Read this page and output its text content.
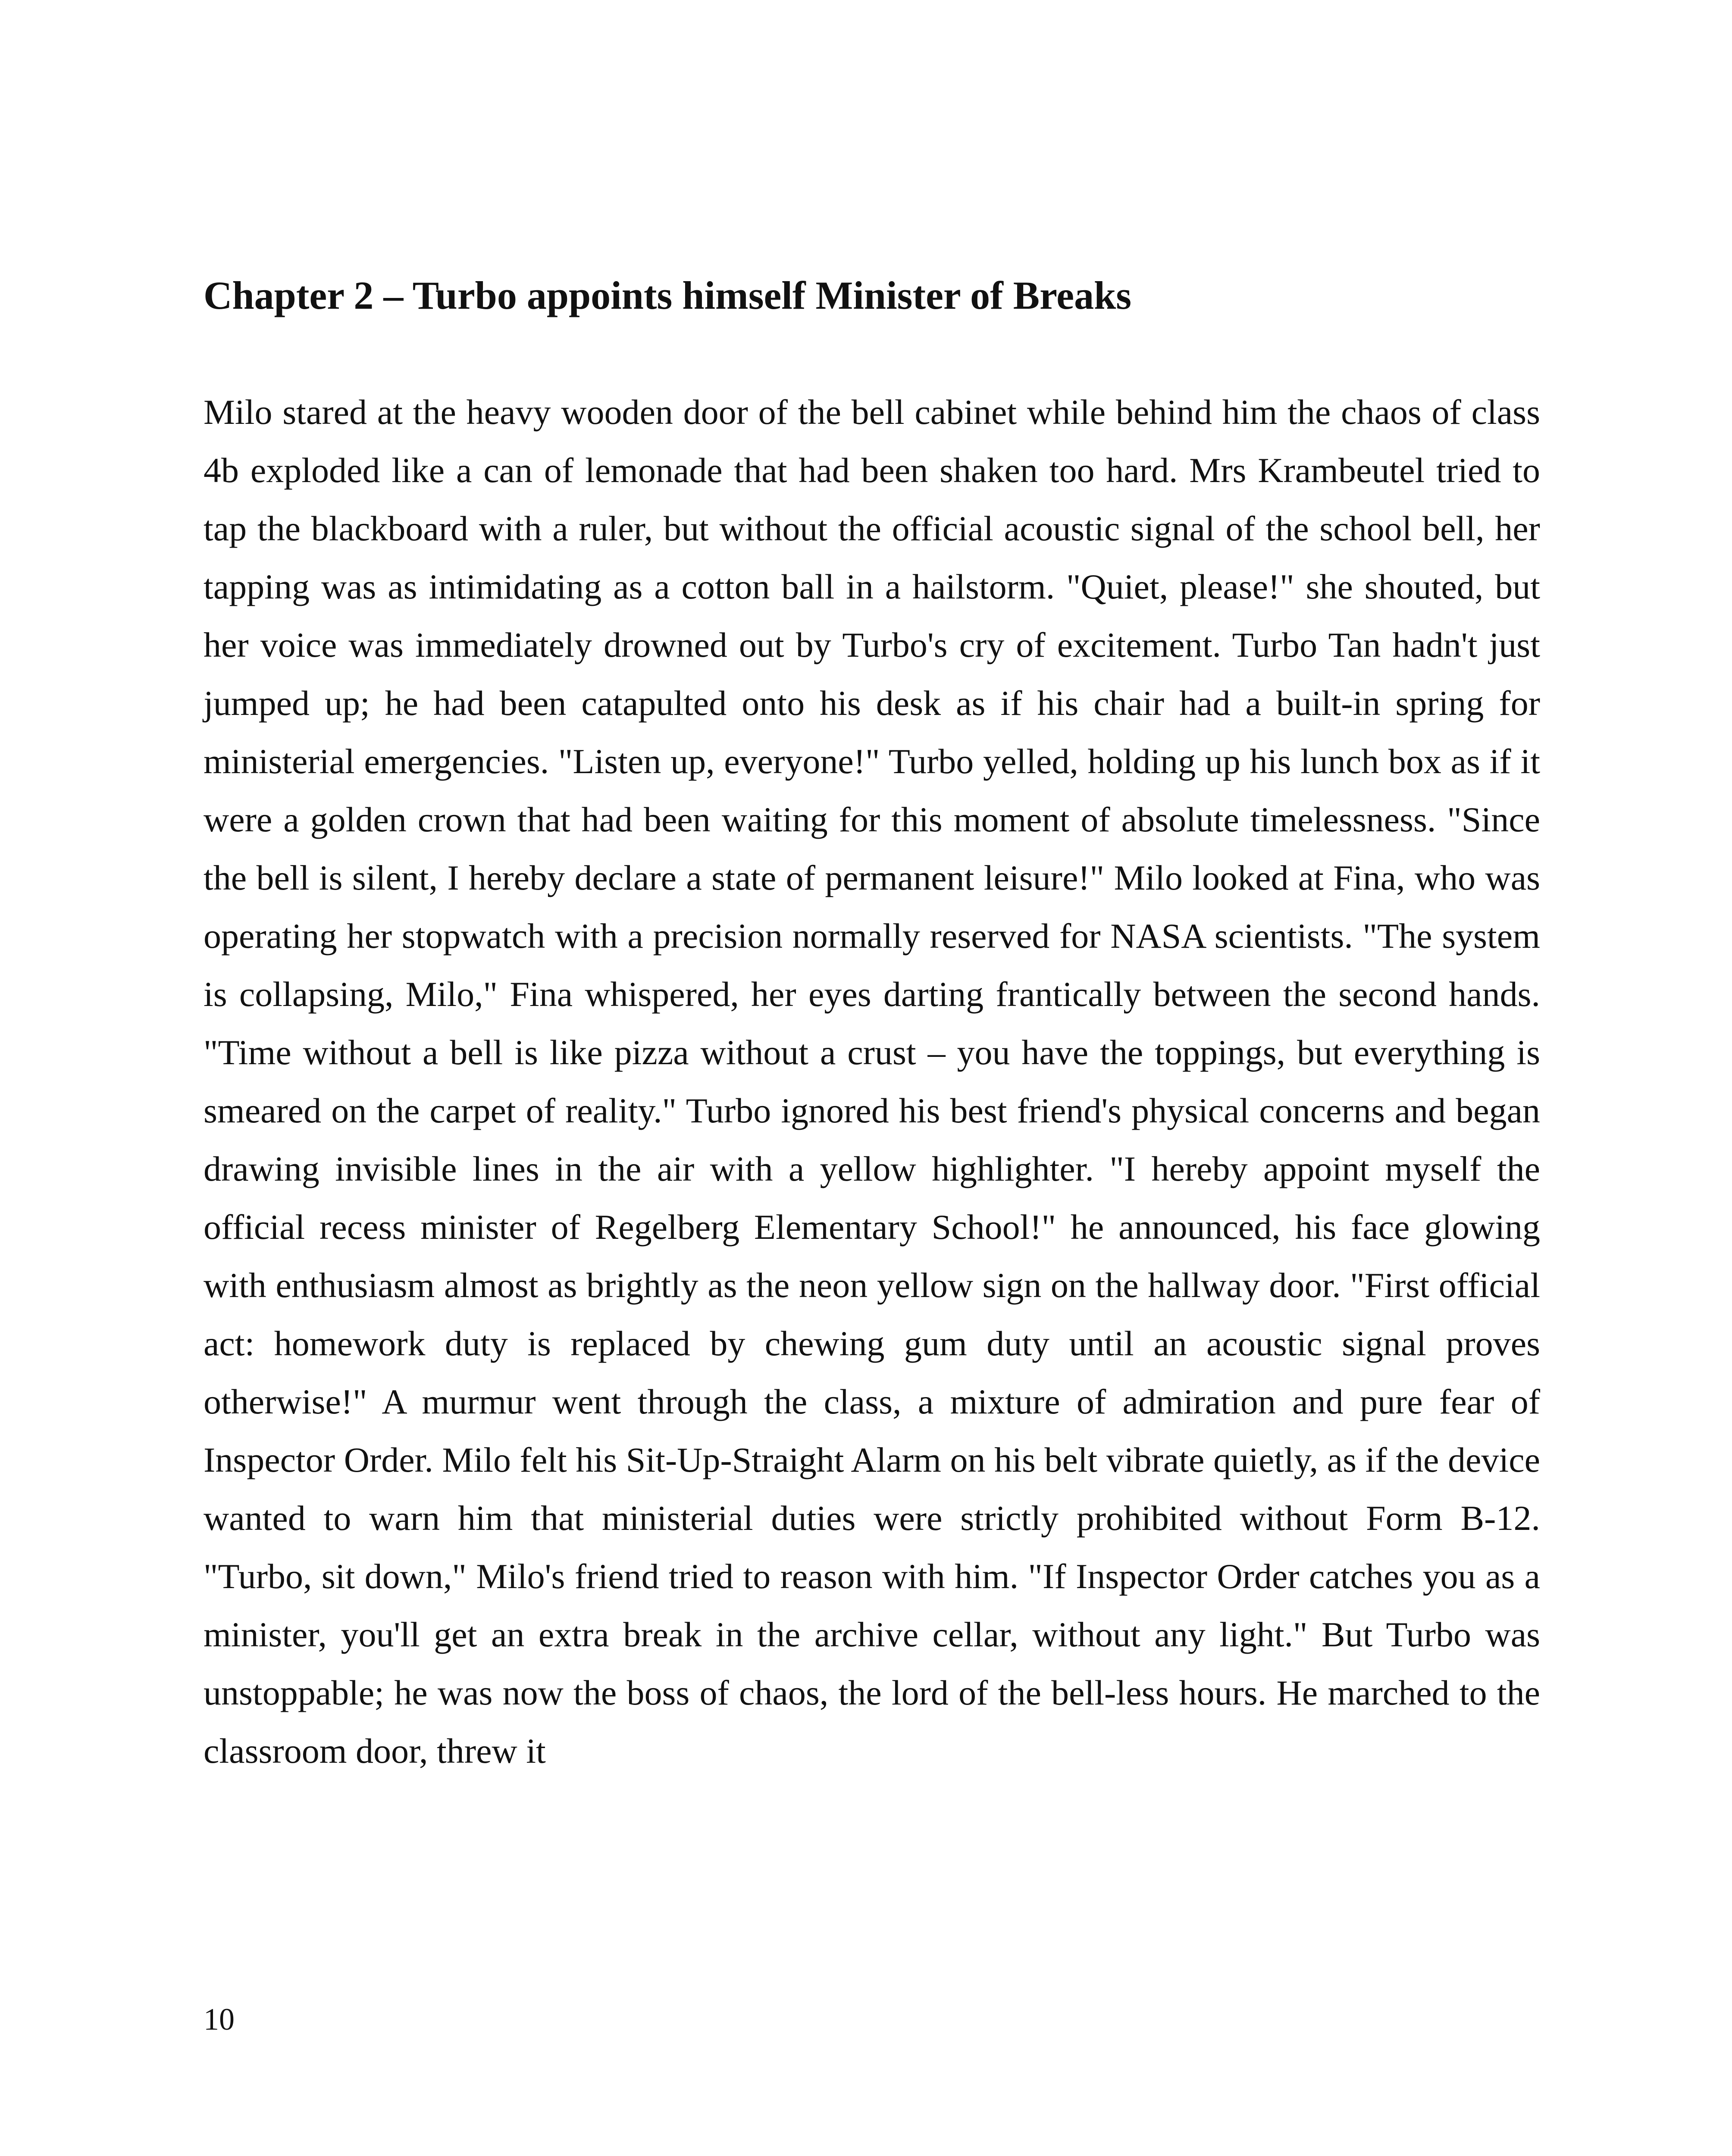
Chapter 2 – Turbo appoints himself Minister of Breaks

Milo stared at the heavy wooden door of the bell cabinet while behind him the chaos of class 4b exploded like a can of lemonade that had been shaken too hard. Mrs Krambeutel tried to tap the blackboard with a ruler, but without the official acoustic signal of the school bell, her tapping was as intimidating as a cotton ball in a hailstorm. "Quiet, please!" she shouted, but her voice was immediately drowned out by Turbo's cry of excitement. Turbo Tan hadn't just jumped up; he had been catapulted onto his desk as if his chair had a built-in spring for ministerial emergencies. "Listen up, everyone!" Turbo yelled, holding up his lunch box as if it were a golden crown that had been waiting for this moment of absolute timelessness. "Since the bell is silent, I hereby declare a state of permanent leisure!" Milo looked at Fina, who was operating her stopwatch with a precision normally reserved for NASA scientists. "The system is collapsing, Milo," Fina whispered, her eyes darting frantically between the second hands. "Time without a bell is like pizza without a crust – you have the toppings, but everything is smeared on the carpet of reality." Turbo ignored his best friend's physical concerns and began drawing invisible lines in the air with a yellow highlighter. "I hereby appoint myself the official recess minister of Regelberg Elementary School!" he announced, his face glowing with enthusiasm almost as brightly as the neon yellow sign on the hallway door. "First official act: homework duty is replaced by chewing gum duty until an acoustic signal proves otherwise!" A murmur went through the class, a mixture of admiration and pure fear of Inspector Order. Milo felt his Sit-Up-Straight Alarm on his belt vibrate quietly, as if the device wanted to warn him that ministerial duties were strictly prohibited without Form B-12. "Turbo, sit down," Milo's friend tried to reason with him. "If Inspector Order catches you as a minister, you'll get an extra break in the archive cellar, without any light." But Turbo was unstoppable; he was now the boss of chaos, the lord of the bell-less hours. He marched to the classroom door, threw it

10
